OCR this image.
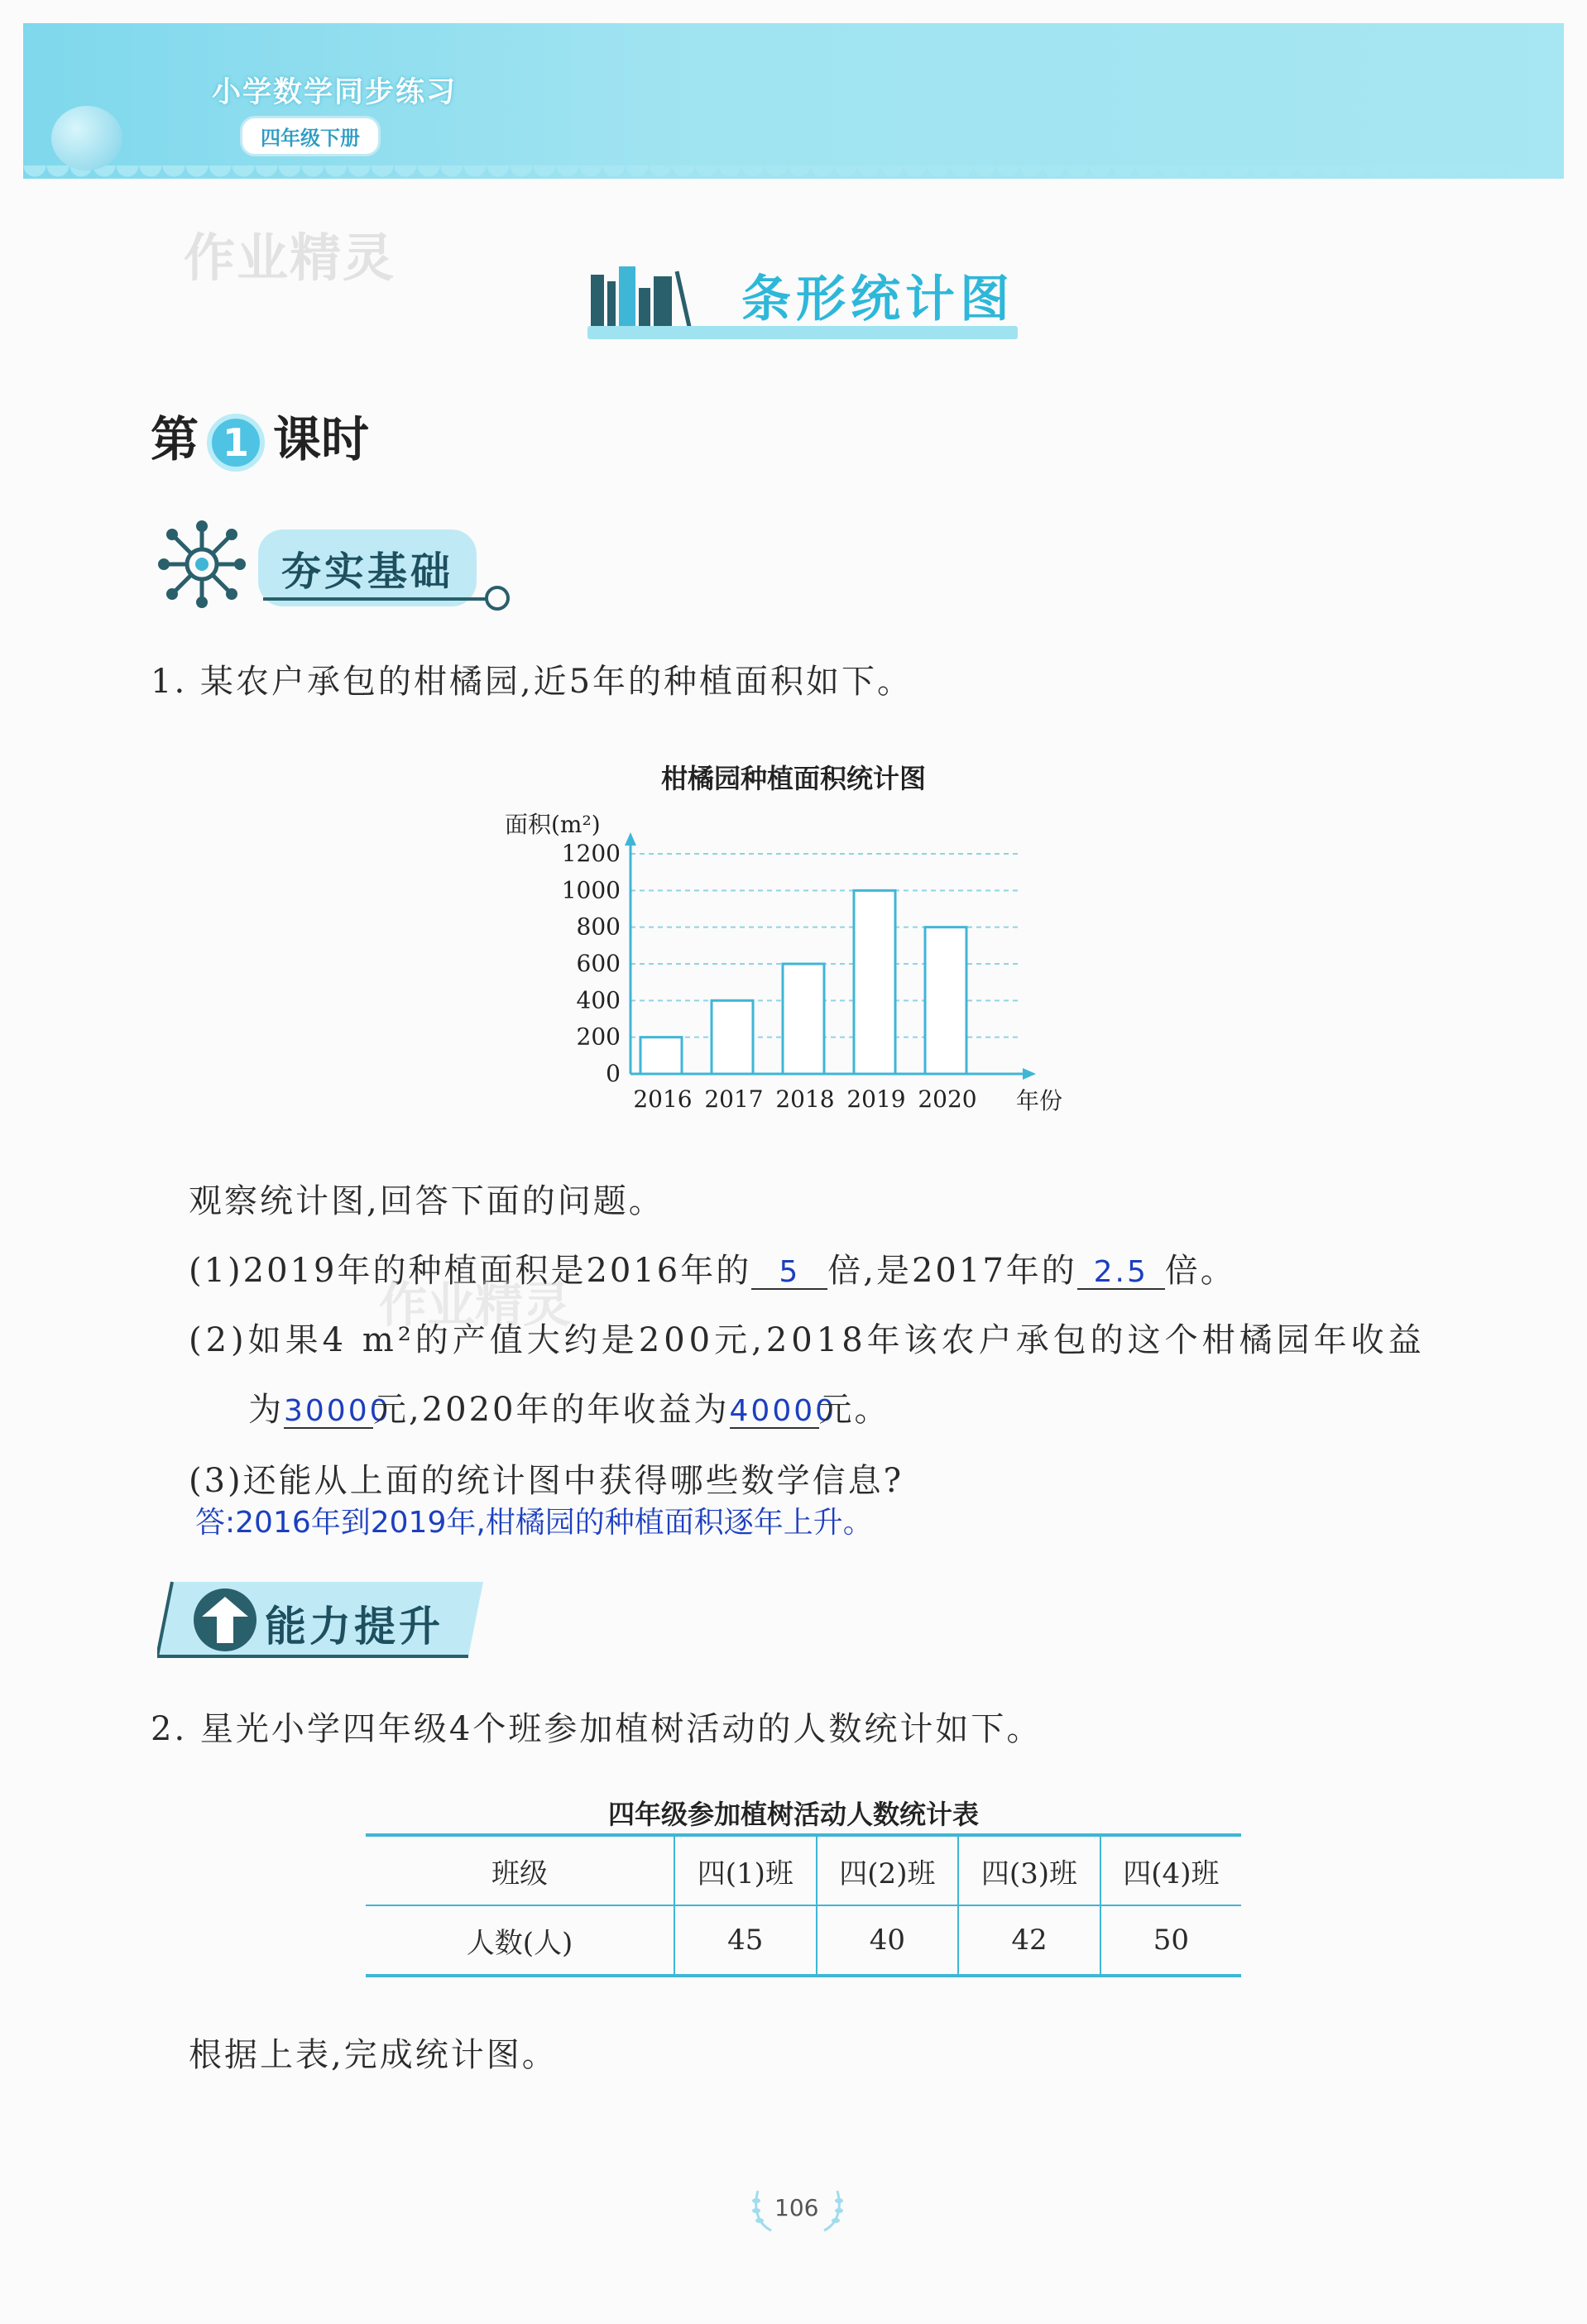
小学数学同步练习
四年级下册
作业精灵
条形统计图
第 1 课时
夯实基础
1. 某农户承包的柑橘园,近5年的种植面积如下。
柑橘园种植面积统计图
面积(m²)
0
200
400
600
800
1000
1200
2016 2017 2018 2019 2020 年份
观察统计图,回答下面的问题。
(1)2019年的种植面积是2016年的 5 倍,是2017年的 2.5 倍。
作业精灵
(2)如果4 m²的产值大约是200元,2018年该农户承包的这个柑橘园年收益
为30000元,2020年的年收益为40000元。
(3)还能从上面的统计图中获得哪些数学信息?
答:2016年到2019年,柑橘园的种植面积逐年上升。
能力提升
2. 星光小学四年级4个班参加植树活动的人数统计如下。
四年级参加植树活动人数统计表
班级	四(1)班	四(2)班	四(3)班	四(4)班
人数(人)	45	40	42	50
根据上表,完成统计图。
106
